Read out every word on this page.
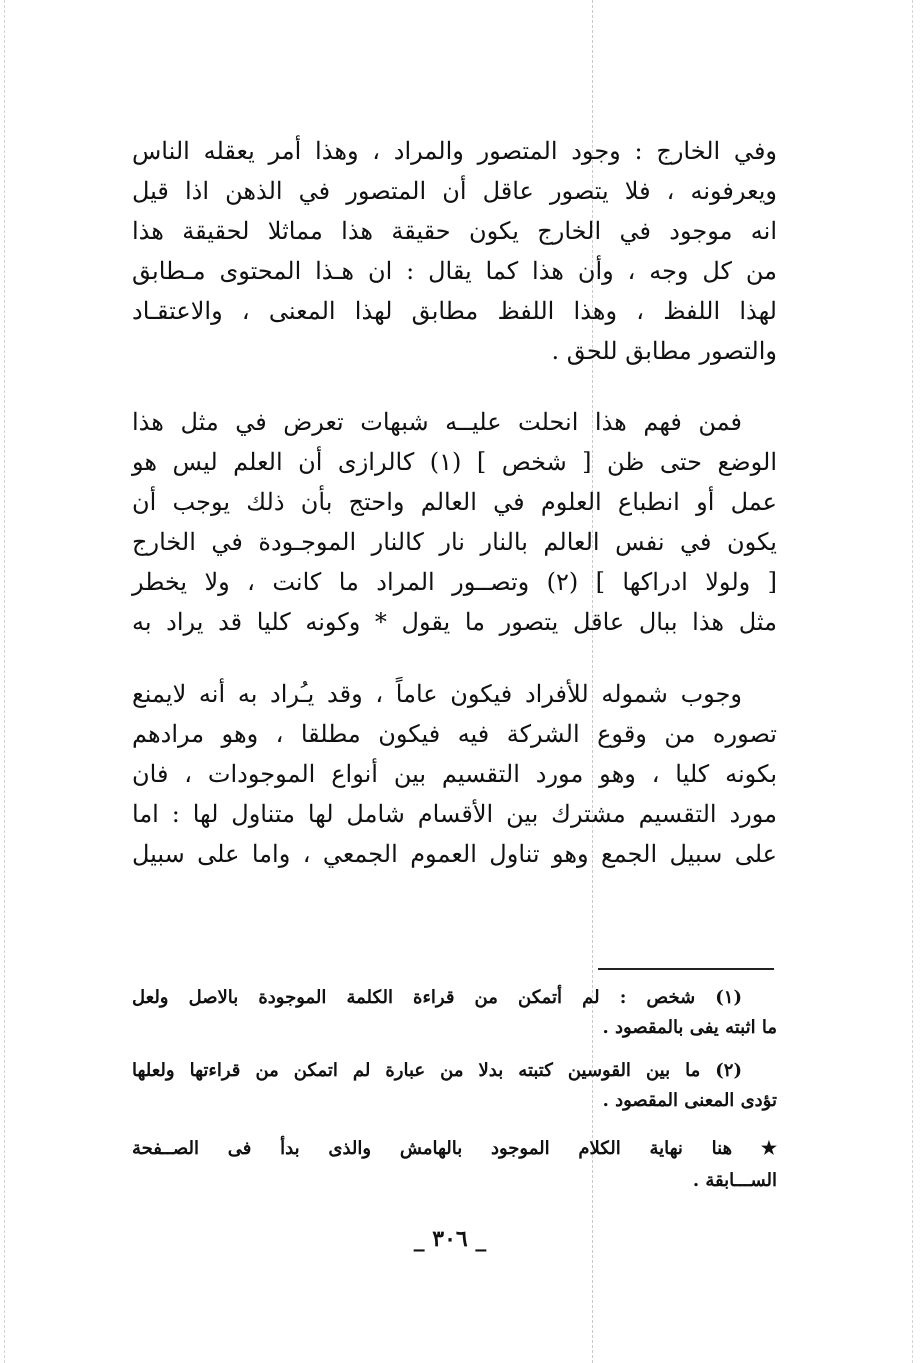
وفي الخارج : وجود المتصور والمراد ، وهذا أمر يعقله الناس
ويعرفونه ، فلا يتصور عاقل أن المتصور في الذهن اذا قيل
انه موجود في الخارج يكون حقيقة هذا مماثلا لحقيقة هذا
من كل وجه ، وأن هذا كما يقال : ان هـذا المحتوى مـطابق
لهذا اللفظ ، وهذا اللفظ مطابق لهذا المعنى ، والاعتقـاد
والتصور مطابق للحق .
فمن فهم هذا انحلت عليــه شبهات تعرض في مثل هذا
الوضع حتى ظن [ شخص ] (١) كالرازى أن العلم ليس هو
عمل أو انطباع العلوم في العالم واحتج بأن ذلك يوجب أن
يكون في نفس العالم بالنار نار كالنار الموجـودة في الخارج
[ ولولا ادراكها ] (٢) وتصــور المراد ما كانت ، ولا يخطر
مثل هذا ببال عاقل يتصور ما يقول * وكونه كليا قد يراد به
وجوب شموله للأفراد فيكون عاماً ، وقد يـُراد به أنه لايمنع
تصوره من وقوع الشركة فيه فيكون مطلقا ، وهو مرادهم
بكونه كليا ، وهو مورد التقسيم بين أنواع الموجودات ، فان
مورد التقسيم مشترك بين الأقسام شامل لها متناول لها : اما
على سبيل الجمع وهو تناول العموم الجمعي ، واما على سبيل
(١) شخص : لم أتمكن من قراءة الكلمة الموجودة بالاصل ولعل
ما اثبته يفى بالمقصود .
(٢) ما بين القوسين كتبته بدلا من عبارة لم اتمكن من قراءتها ولعلها
تؤدى المعنى المقصود .
★ هنا نهاية الكلام الموجود بالهامش والذى بدأ فى الصــفحة
الســـابقة .
_ ٣٠٦ _
